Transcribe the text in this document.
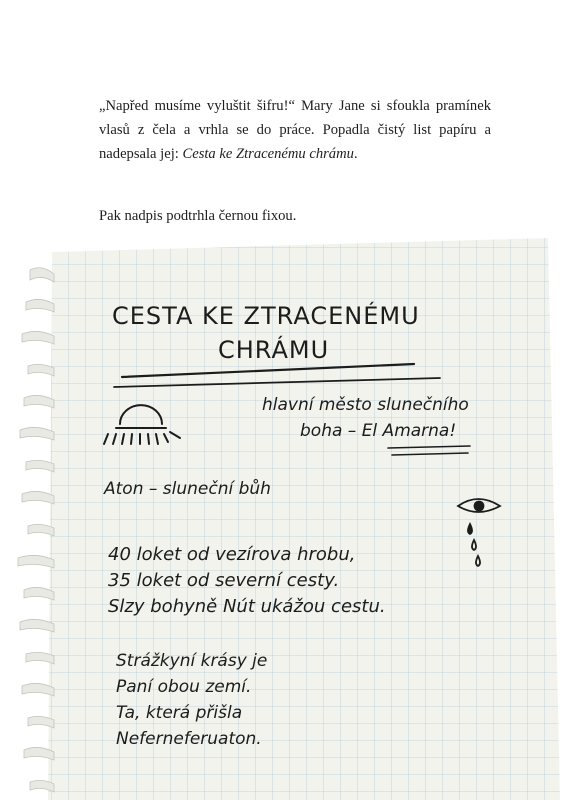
„Napřed musíme vyluštit šifru!“ Mary Jane si sfoukla pramínek vlasů z čela a vrhla se do práce. Popadla čistý list papíru a nadepsala jej: Cesta ke Ztracenému chrámu.

Pak nadpis podtrhla černou fixou.

CESTA KE ZTRACENÉMU
CHRÁMU
hlavní město slunečního
boha – El Amarna!
Aton – sluneční bůh
40 loket od vezírova hrobu,
35 loket od severní cesty.
Slzy bohyně Nút ukážou cestu.
Strážkyní krásy je
Paní obou zemí.
Ta, která přišla
Neferneferuaton.
